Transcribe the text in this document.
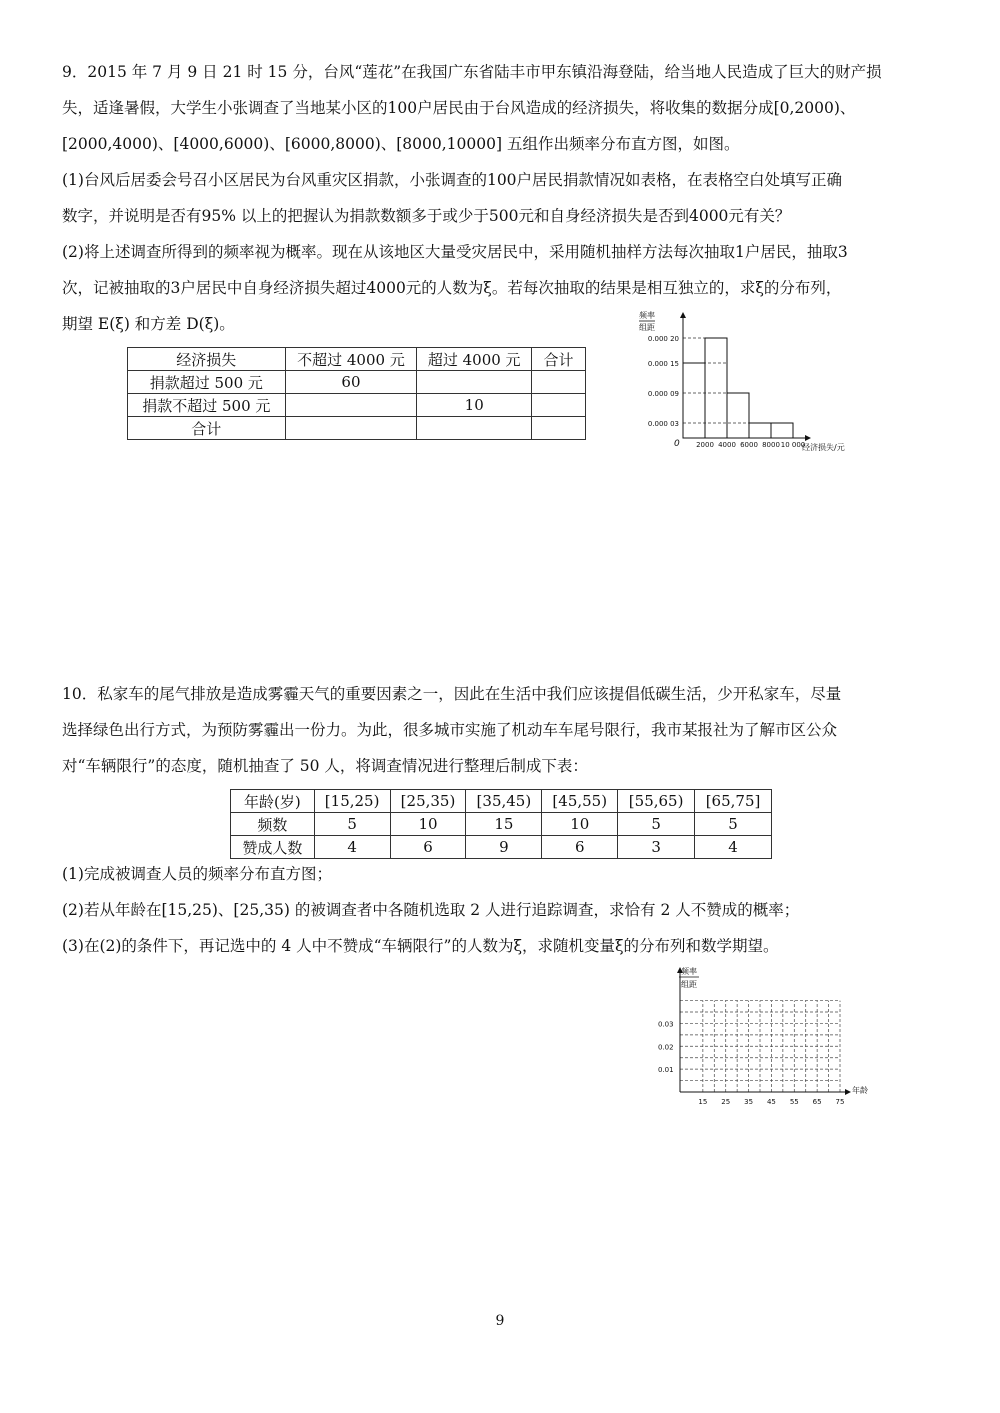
9．2015 年 7 月 9 日 21 时 15 分，台风“莲花”在我国广东省陆丰市甲东镇沿海登陆，给当地人民造成了巨大的财产损

失，适逢暑假，大学生小张调查了当地某小区的100户居民由于台风造成的经济损失，将收集的数据分成[0,2000)、

[2000,4000)、[4000,6000)、[6000,8000)、[8000,10000] 五组作出频率分布直方图，如图。

(1)台风后居委会号召小区居民为台风重灾区捐款，小张调查的100户居民捐款情况如表格，在表格空白处填写正确

数字，并说明是否有95% 以上的把握认为捐款数额多于或少于500元和自身经济损失是否到4000元有关？

(2)将上述调查所得到的频率视为概率。现在从该地区大量受灾居民中，采用随机抽样方法每次抽取1户居民，抽取3

次，记被抽取的3户居民中自身经济损失超过4000元的人数为ξ。若每次抽取的结果是相互独立的，求ξ的分布列，

期望 E(ξ) 和方差 D(ξ)。

经济损失	不超过 4000 元	超过 4000 元	合计
捐款超过 500 元	60		
捐款不超过 500 元		10	
合计			
频率
组距
0	经济损失/元
2000 4000 6000 8000 10 000
0.000 03
0.000 09
0.000 15
0.000 20

10．私家车的尾气排放是造成雾霾天气的重要因素之一，因此在生活中我们应该提倡低碳生活，少开私家车，尽量

选择绿色出行方式，为预防雾霾出一份力。为此，很多城市实施了机动车车尾号限行，我市某报社为了解市区公众

对“车辆限行”的态度，随机抽查了 50 人，将调查情况进行整理后制成下表：

年龄(岁)	[15,25)	[25,35)	[35,45)	[45,55)	[55,65)	[65,75]
频数	5	10	15	10	5	5
赞成人数	4	6	9	6	3	4

(1)完成被调查人员的频率分布直方图；

(2)若从年龄在[15,25)、[25,35) 的被调查者中各随机选取 2 人进行追踪调查，求恰有 2 人不赞成的概率；

(3)在(2)的条件下，再记选中的 4 人中不赞成“车辆限行”的人数为ξ，求随机变量ξ的分布列和数学期望。

频率
组距
年龄
15 25 35 45 55 65 75
0.01
0.02
0.03
9
